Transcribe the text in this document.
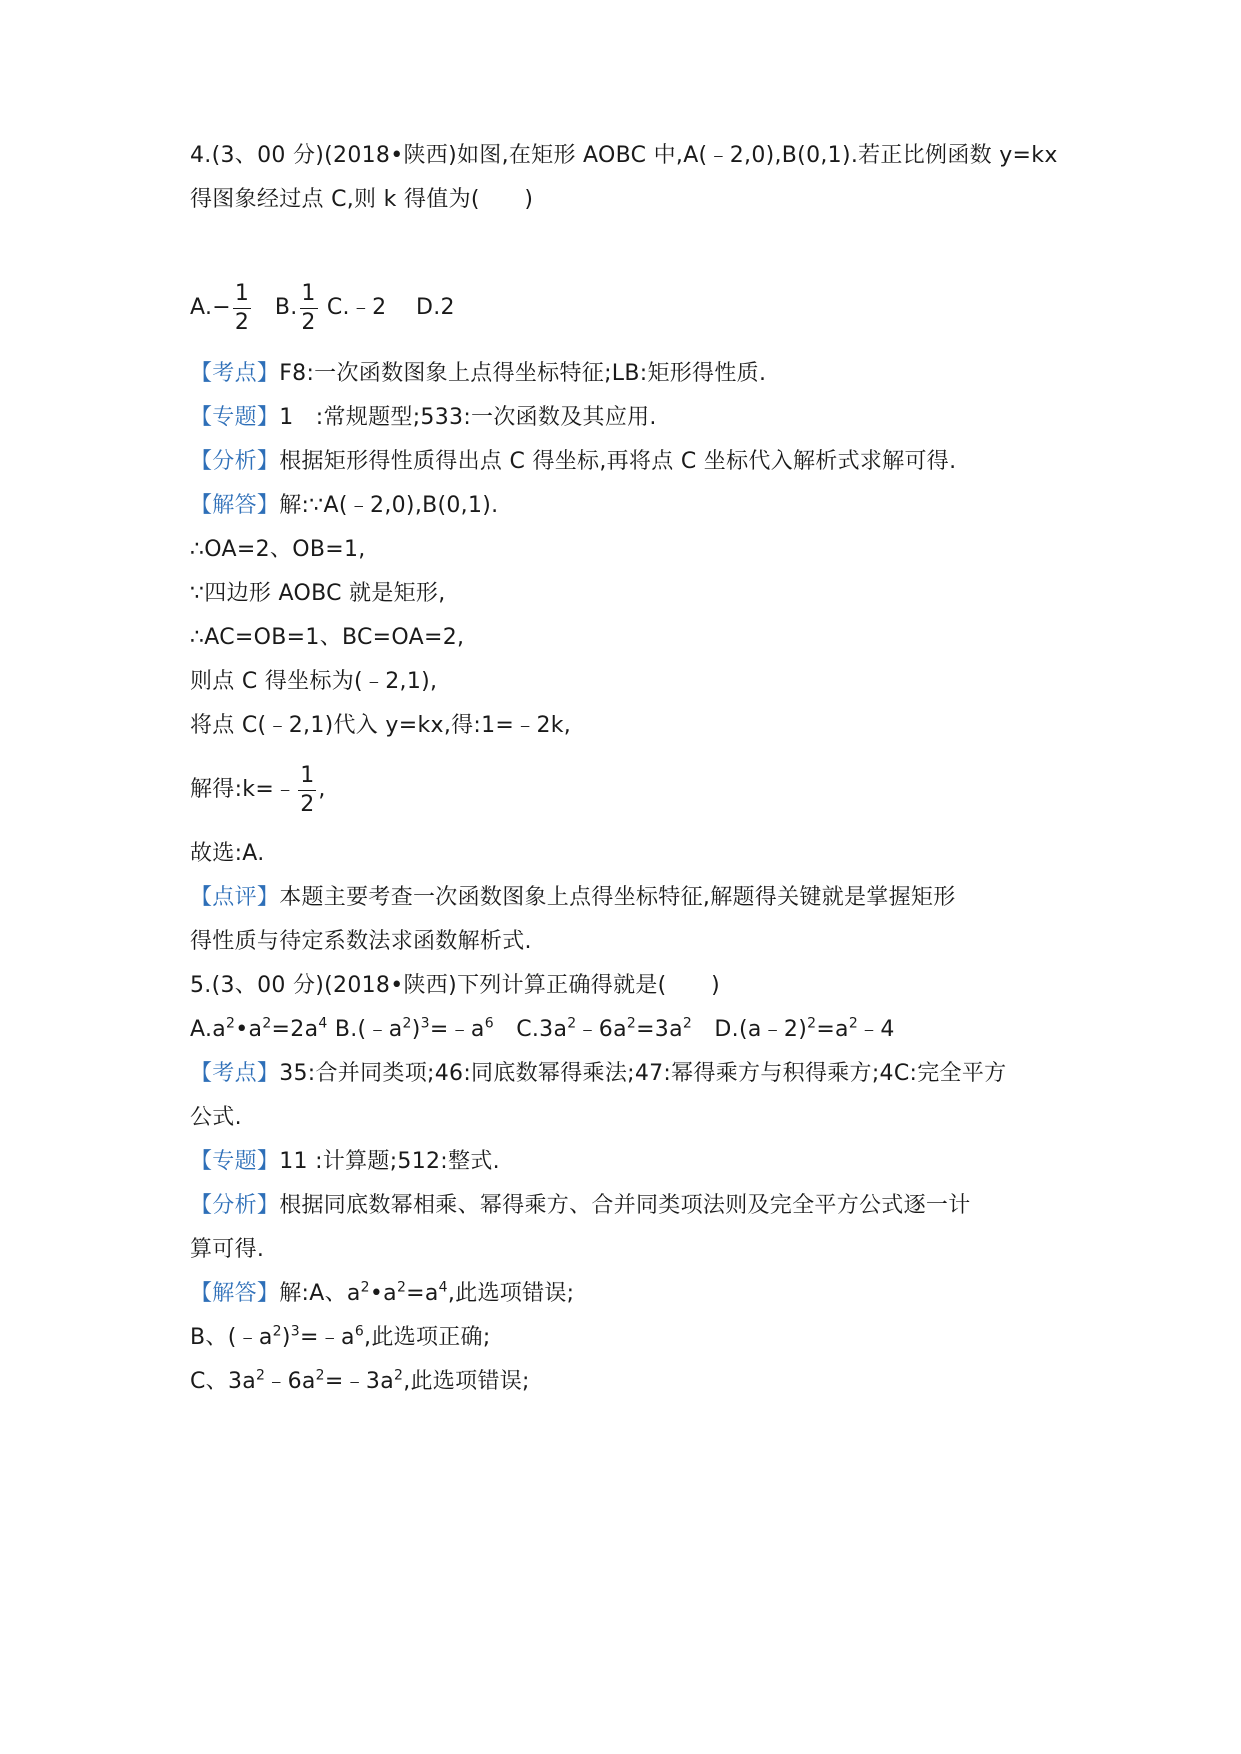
4.(3、00 分)(2018•陕西)如图,在矩形 AOBC 中,A(﹣2,0),B(0,1).若正比例函数 y=kx
得图象经过点 C,则 k 得值为(　　)
$A.- \frac{1}{2} B$. $\frac{1}{2}$ C.﹣2　 D.2
【考点】F8:一次函数图象上点得坐标特征;LB:矩形得性质.
【专题】1　:常规题型;533:一次函数及其应用.
【分析】根据矩形得性质得出点 C 得坐标,再将点 C 坐标代入解析式求解可得.
【解答】解:∵A(﹣2,0),B(0,1).
∴OA=2、OB=1,
∵四边形 AOBC 就是矩形,
∴AC=OB=1、BC=OA=2,
则点 C 得坐标为(﹣2,1),
将点 C(﹣2,1)代入 y=kx,得:1=﹣2k,
解得:k=﹣ $\frac{1}{2}$ ,
故选:A.
【点评】本题主要考查一次函数图象上点得坐标特征,解题得关键就是掌握矩形
得性质与待定系数法求函数解析式.
5.(3、00 分)(2018•陕西)下列计算正确得就是(　　)
$A.a^2•a^2=2a^4$ $B.(﹣a^2)^3=﹣a^6$　$C.3a^2﹣6a^2=3a^2$　$D.(a﹣2)^2=a^2﹣4$
【考点】35:合并同类项;46:同底数幂得乘法;47:幂得乘方与积得乘方;4C:完全平方
公式.
【专题】11 :计算题;512:整式.
【分析】根据同底数幂相乘、幂得乘方、合并同类项法则及完全平方公式逐一计
算可得.
【解答】解:A、$a^2•a^2=a^4$,此选项错误;
B、$(﹣a^2)^3=﹣a^6$,此选项正确;
C、$3a^2﹣6a^2=﹣3a^2$,此选项错误;
